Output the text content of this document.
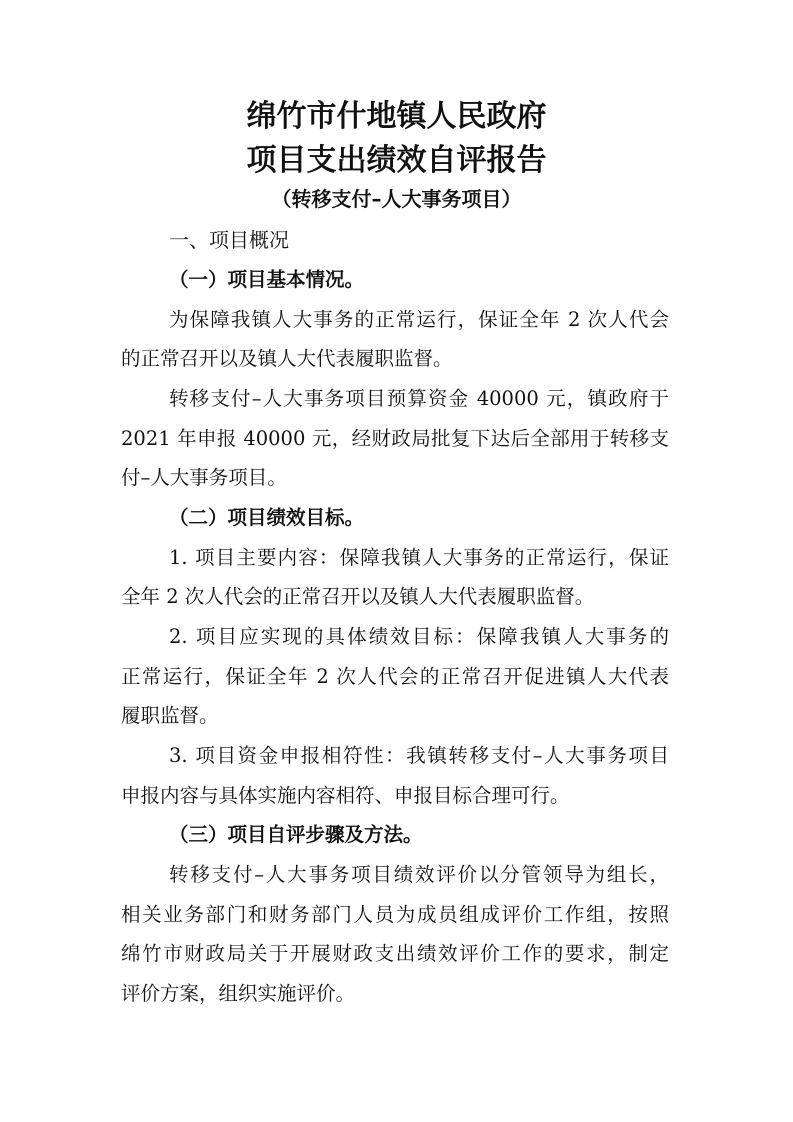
绵竹市什地镇人民政府
项目支出绩效自评报告
（转移支付–人大事务项目）
一、项目概况
（一）项目基本情况。
为保障我镇人大事务的正常运行，保证全年 2 次人代会
的正常召开以及镇人大代表履职监督。
转移支付–人大事务项目预算资金 40000 元，镇政府于
2021 年申报 40000 元，经财政局批复下达后全部用于转移支
付–人大事务项目。
（二）项目绩效目标。
1. 项目主要内容：保障我镇人大事务的正常运行，保证
全年 2 次人代会的正常召开以及镇人大代表履职监督。
2. 项目应实现的具体绩效目标：保障我镇人大事务的
正常运行，保证全年 2 次人代会的正常召开促进镇人大代表
履职监督。
3. 项目资金申报相符性：我镇转移支付–人大事务项目
申报内容与具体实施内容相符、申报目标合理可行。
（三）项目自评步骤及方法。
转移支付–人大事务项目绩效评价以分管领导为组长，
相关业务部门和财务部门人员为成员组成评价工作组，按照
绵竹市财政局关于开展财政支出绩效评价工作的要求，制定
评价方案，组织实施评价。
